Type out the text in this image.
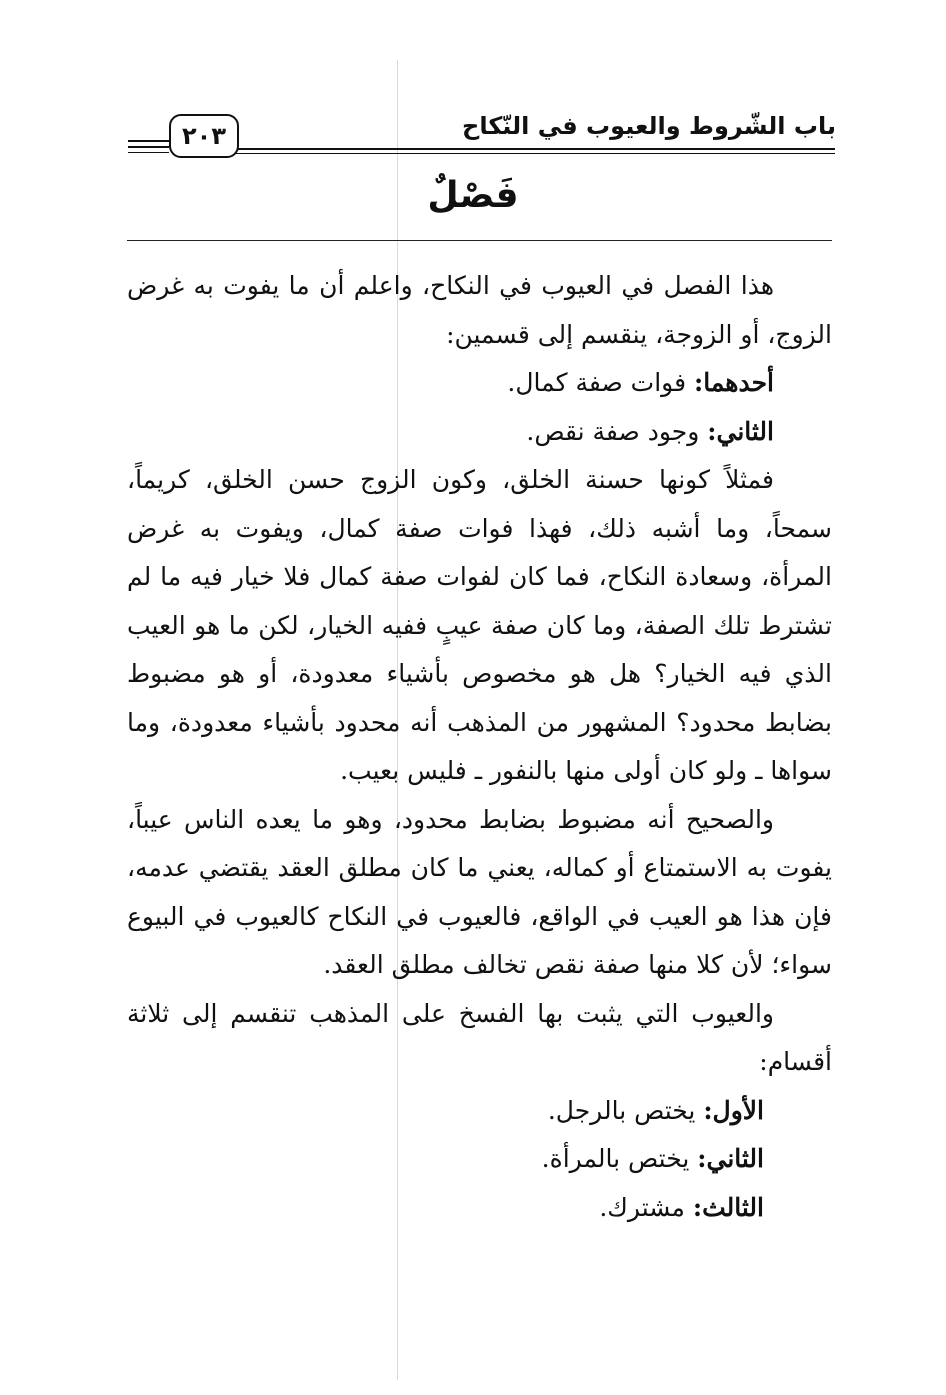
باب الشّروط والعيوب في النّكاح
٢٠٣
فَصْلٌ

هذا الفصل في العيوب في النكاح، واعلم أن ما يفوت به غرض الزوج، أو الزوجة، ينقسم إلى قسمين:

أحدهما: فوات صفة كمال.

الثاني: وجود صفة نقص.

فمثلاً كونها حسنة الخلق، وكون الزوج حسن الخلق، كريماً، سمحاً، وما أشبه ذلك، فهذا فوات صفة كمال، ويفوت به غرض المرأة، وسعادة النكاح، فما كان لفوات صفة كمال فلا خيار فيه ما لم تشترط تلك الصفة، وما كان صفة عيبٍ ففيه الخيار، لكن ما هو العيب الذي فيه الخيار؟ هل هو مخصوص بأشياء معدودة، أو هو مضبوط بضابط محدود؟ المشهور من المذهب أنه محدود بأشياء معدودة، وما سواها ـ ولو كان أولى منها بالنفور ـ فليس بعيب.

والصحيح أنه مضبوط بضابط محدود، وهو ما يعده الناس عيباً، يفوت به الاستمتاع أو كماله، يعني ما كان مطلق العقد يقتضي عدمه، فإن هذا هو العيب في الواقع، فالعيوب في النكاح كالعيوب في البيوع سواء؛ لأن كلا منها صفة نقص تخالف مطلق العقد.

والعيوب التي يثبت بها الفسخ على المذهب تنقسم إلى ثلاثة أقسام:

الأول: يختص بالرجل.

الثاني: يختص بالمرأة.

الثالث: مشترك.
